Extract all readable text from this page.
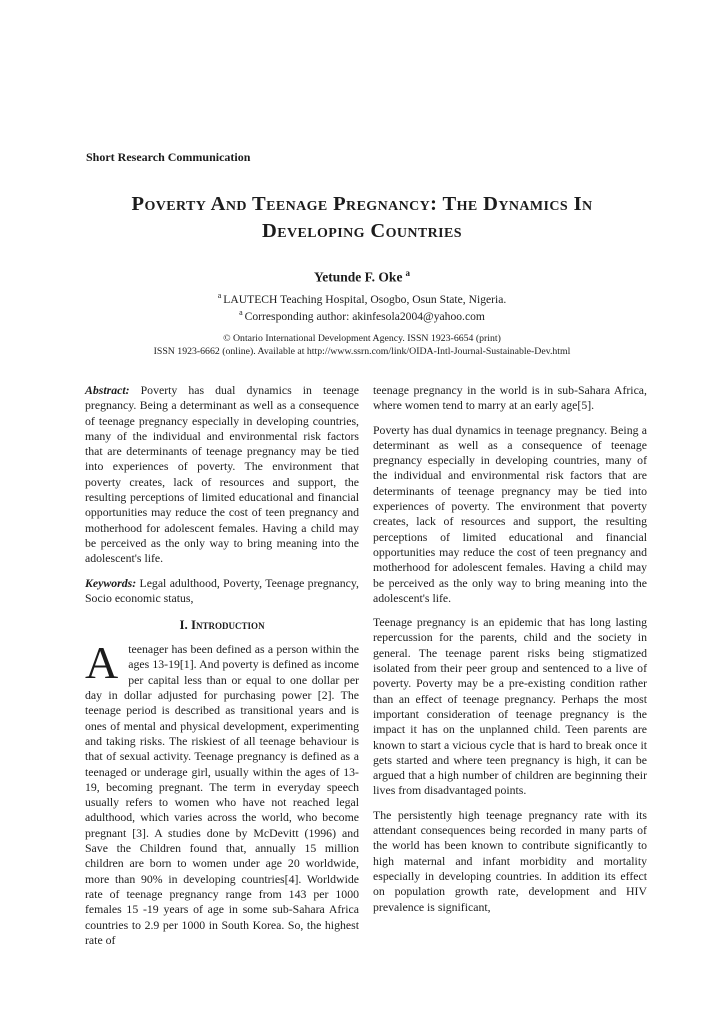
Short Research Communication
Poverty And Teenage Pregnancy: The Dynamics In
Developing Countries
Yetunde F. Oke $^a$
$^a$ LAUTECH Teaching Hospital, Osogbo, Osun State, Nigeria.
$^a$ Corresponding author: akinfesola2004@yahoo.com
© Ontario International Development Agency. ISSN 1923-6654 (print)
ISSN 1923-6662 (online). Available at http://www.ssrn.com/link/OIDA-Intl-Journal-Sustainable-Dev.html

Abstract: Poverty has dual dynamics in teenage pregnancy. Being a determinant as well as a consequence of teenage pregnancy especially in developing countries, many of the individual and environmental risk factors that are determinants of teenage pregnancy may be tied into experiences of poverty. The environment that poverty creates, lack of resources and support, the resulting perceptions of limited educational and financial opportunities may reduce the cost of teen pregnancy and motherhood for adolescent females. Having a child may be perceived as the only way to bring meaning into the adolescent's life.

Keywords: Legal adulthood, Poverty, Teenage pregnancy, Socio economic status,

I. Introduction

Ateenager has been defined as a person within the ages 13-19[1]. And poverty is defined as income per capital less than or equal to one dollar per day in dollar adjusted for purchasing power [2]. The teenage period is described as transitional years and is ones of mental and physical development, experimenting and taking risks. The riskiest of all teenage behaviour is that of sexual activity. Teenage pregnancy is defined as a teenaged or underage girl, usually within the ages of 13-19, becoming pregnant. The term in everyday speech usually refers to women who have not reached legal adulthood, which varies across the world, who become pregnant [3]. A studies done by McDevitt (1996) and Save the Children found that, annually 15 million children are born to women under age 20 worldwide, more than 90% in developing countries[4]. Worldwide rate of teenage pregnancy range from 143 per 1000 females 15 -19 years of age in some sub-Sahara Africa countries to 2.9 per 1000 in South Korea. So, the highest rate of

teenage pregnancy in the world is in sub-Sahara Africa, where women tend to marry at an early age[5].

Poverty has dual dynamics in teenage pregnancy. Being a determinant as well as a consequence of teenage pregnancy especially in developing countries, many of the individual and environmental risk factors that are determinants of teenage pregnancy may be tied into experiences of poverty. The environment that poverty creates, lack of resources and support, the resulting perceptions of limited educational and financial opportunities may reduce the cost of teen pregnancy and motherhood for adolescent females. Having a child may be perceived as the only way to bring meaning into the adolescent's life.

Teenage pregnancy is an epidemic that has long lasting repercussion for the parents, child and the society in general. The teenage parent risks being stigmatized isolated from their peer group and sentenced to a live of poverty. Poverty may be a pre-existing condition rather than an effect of teenage pregnancy. Perhaps the most important consideration of teenage pregnancy is the impact it has on the unplanned child. Teen parents are known to start a vicious cycle that is hard to break once it gets started and where teen pregnancy is high, it can be argued that a high number of children are beginning their lives from disadvantaged points.

The persistently high teenage pregnancy rate with its attendant consequences being recorded in many parts of the world has been known to contribute significantly to high maternal and infant morbidity and mortality especially in developing countries. In addition its effect on population growth rate, development and HIV prevalence is significant,
